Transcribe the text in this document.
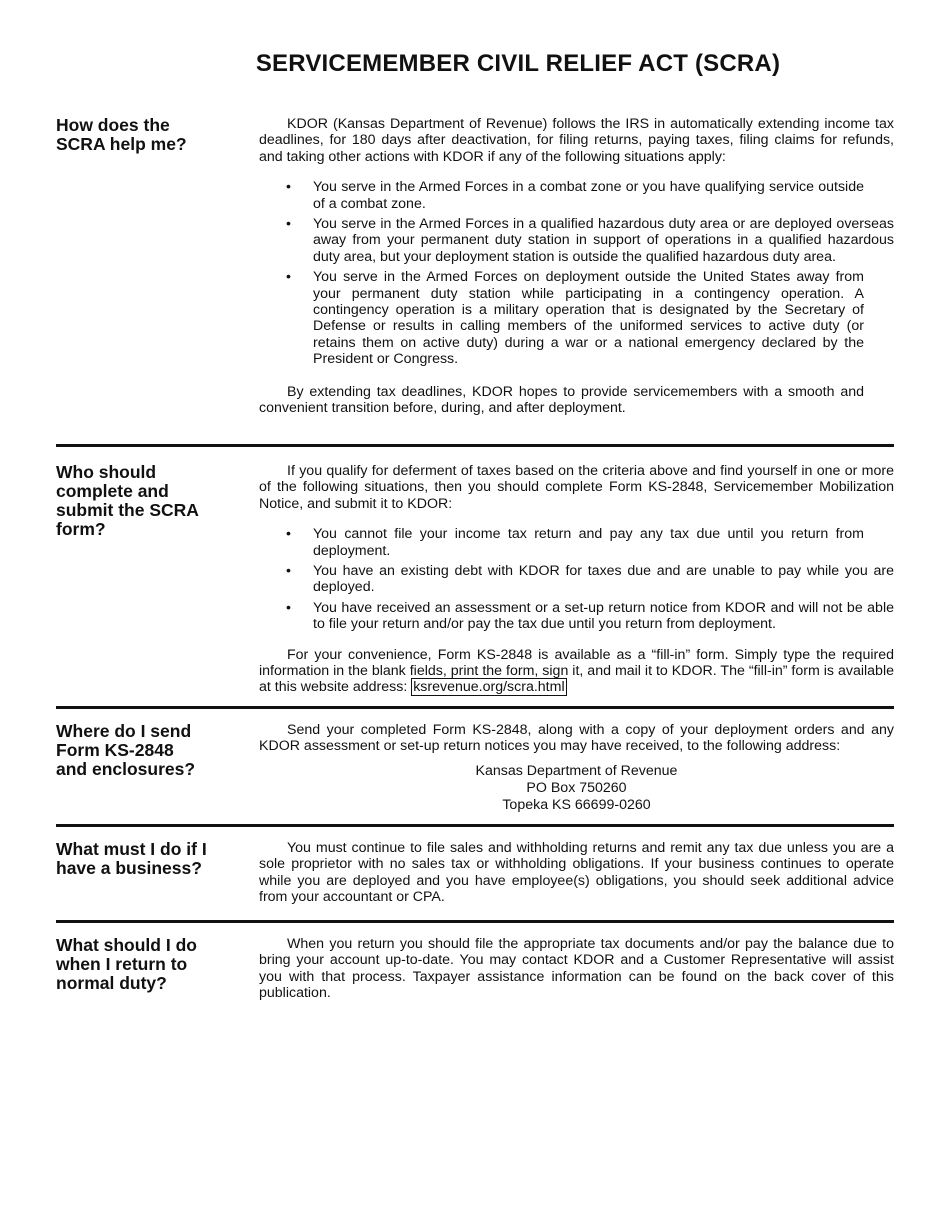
SERVICEMEMBER CIVIL RELIEF ACT (SCRA)
How does the
SCRA help me?

KDOR (Kansas Department of Revenue) follows the IRS in automatically extending income tax deadlines, for 180 days after deactivation, for filing returns, paying taxes, filing claims for refunds, and taking other actions with KDOR if any of the following situations apply:

• You serve in the Armed Forces in a combat zone or you have qualifying service outside of a combat zone.
• You serve in the Armed Forces in a qualified hazardous duty area or are deployed overseas away from your permanent duty station in support of operations in a qualified hazardous duty area, but your deployment station is outside the qualified hazardous duty area.
• You serve in the Armed Forces on deployment outside the United States away from your permanent duty station while participating in a contingency operation. A contingency operation is a military operation that is designated by the Secretary of Defense or results in calling members of the uniformed services to active duty (or retains them on active duty) during a war or a national emergency declared by the President or Congress.

By extending tax deadlines, KDOR hopes to provide servicemembers with a smooth and convenient transition before, during, and after deployment.

Who should
complete and
submit the SCRA
form?

If you qualify for deferment of taxes based on the criteria above and find yourself in one or more of the following situations, then you should complete Form KS-2848, Servicemember Mobilization Notice, and submit it to KDOR:

• You cannot file your income tax return and pay any tax due until you return from deployment.
• You have an existing debt with KDOR for taxes due and are unable to pay while you are deployed.
• You have received an assessment or a set-up return notice from KDOR and will not be able to file your return and/or pay the tax due until you return from deployment.

For your convenience, Form KS-2848 is available as a “fill-in” form. Simply type the required information in the blank fields, print the form, sign it, and mail it to KDOR. The “fill-in” form is available at this website address: ksrevenue.org/scra.html

Where do I send
Form KS-2848
and enclosures?

Send your completed Form KS-2848, along with a copy of your deployment orders and any KDOR assessment or set-up return notices you may have received, to the following address:

Kansas Department of Revenue
PO Box 750260
Topeka KS 66699-0260
What must I do if I
have a business?

You must continue to file sales and withholding returns and remit any tax due unless you are a sole proprietor with no sales tax or withholding obligations. If your business continues to operate while you are deployed and you have employee(s) obligations, you should seek additional advice from your accountant or CPA.

What should I do
when I return to
normal duty?

When you return you should file the appropriate tax documents and/or pay the balance due to bring your account up-to-date. You may contact KDOR and a Customer Representative will assist you with that process. Taxpayer assistance information can be found on the back cover of this publication.
